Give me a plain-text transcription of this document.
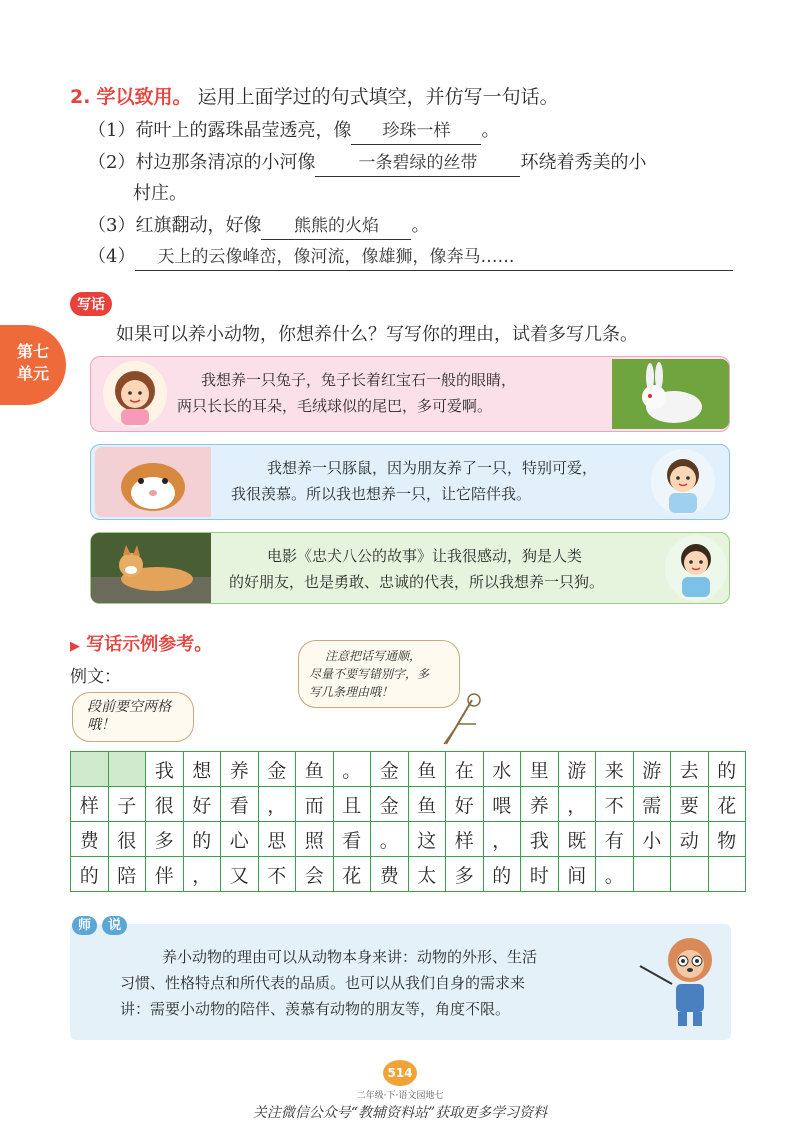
2. 学以致用。 运用上面学过的句式填空，并仿写一句话。
（1）荷叶上的露珠晶莹透亮，像 珍珠一样 。
（2）村边那条清凉的小河像	一条碧绿的丝带 环绕着秀美的小
村庄。
（3）红旗翻动，好像 熊熊的火焰 。
（4） 天上的云像峰峦，像河流，像雄狮，像奔马……
写话
如果可以养小动物，你想养什么？写写你的理由，试着多写几条。
第七
单元	我想养一只兔子，兔子长着红宝石一般的眼睛，
两只长长的耳朵，毛绒球似的尾巴，多可爱啊。
我想养一只豚鼠，因为朋友养了一只，特别可爱，
我很羡慕。所以我也想养一只，让它陪伴我。
电影《忠犬八公的故事》让我很感动，狗是人类
的好朋友，也是勇敢、忠诚的代表，所以我想养一只狗。
▶ 写话示例参考。
例文：
段前要空两格哦！
注意把话写通顺，
尽量不要写错别字，多
写几条理由哦！
		我	想	养	金	鱼	。	金	鱼	在	水	里	游	来	游	去	的
样	子	很	好	看	，	而	且	金	鱼	好	喂	养	，	不	需	要	花
费	很	多	的	心	思	照	看	。	这	样	，	我	既	有	小	动	物
的	陪	伴	，	又	不	会	花	费	太	多	的	时	间	。			
养小动物的理由可以从动物本身来讲：动物的外形、生活
习惯、性格特点和所代表的品质。也可以从我们自身的需求来
讲：需要小动物的陪伴、羡慕有动物的朋友等，角度不限。
师 说
514
二年级·下·语文园地七
关注微信公众号“教辅资料站”获取更多学习资料
